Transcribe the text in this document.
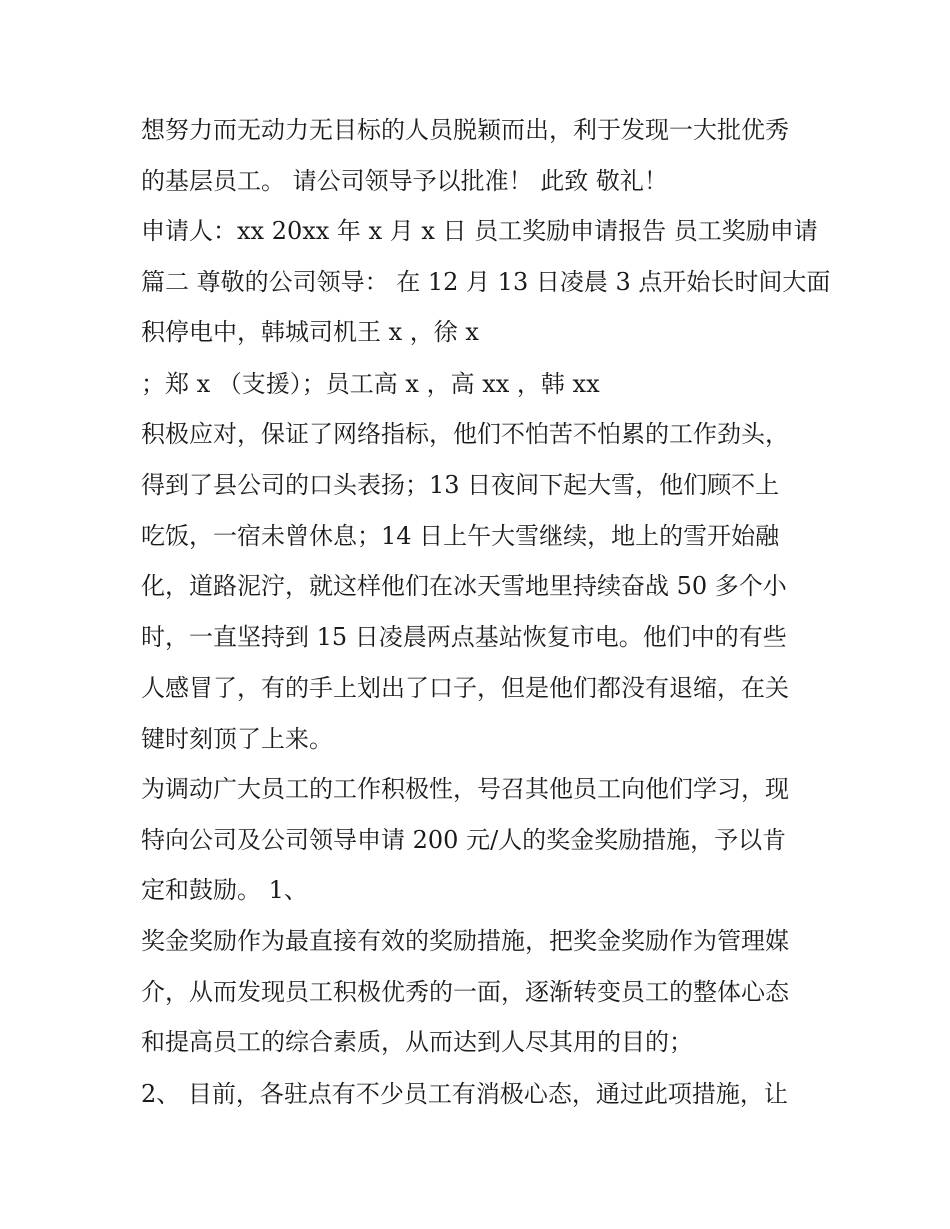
想努力而无动力无目标的人员脱颖而出，利于发现一大批优秀
的基层员工。 请公司领导予以批准！ 此致 敬礼！
申请人：xx 20xx 年 x 月 x 日 员工奖励申请报告 员工奖励申请
篇二 尊敬的公司领导： 在 12 月 13 日凌晨 3 点开始长时间大面
积停电中，韩城司机王 x ，徐 x
；郑 x （支援）；员工高 x ，高 xx ，韩 xx
积极应对，保证了网络指标，他们不怕苦不怕累的工作劲头，
得到了县公司的口头表扬；13 日夜间下起大雪，他们顾不上
吃饭，一宿未曾休息；14 日上午大雪继续，地上的雪开始融
化，道路泥泞，就这样他们在冰天雪地里持续奋战 50 多个小
时，一直坚持到 15 日凌晨两点基站恢复市电。他们中的有些
人感冒了，有的手上划出了口子，但是他们都没有退缩，在关
键时刻顶了上来。
为调动广大员工的工作积极性，号召其他员工向他们学习，现
特向公司及公司领导申请 200 元/人的奖金奖励措施，予以肯
定和鼓励。 1、
奖金奖励作为最直接有效的奖励措施，把奖金奖励作为管理媒
介，从而发现员工积极优秀的一面，逐渐转变员工的整体心态
和提高员工的综合素质，从而达到人尽其用的目的；
2、 目前，各驻点有不少员工有消极心态，通过此项措施，让
